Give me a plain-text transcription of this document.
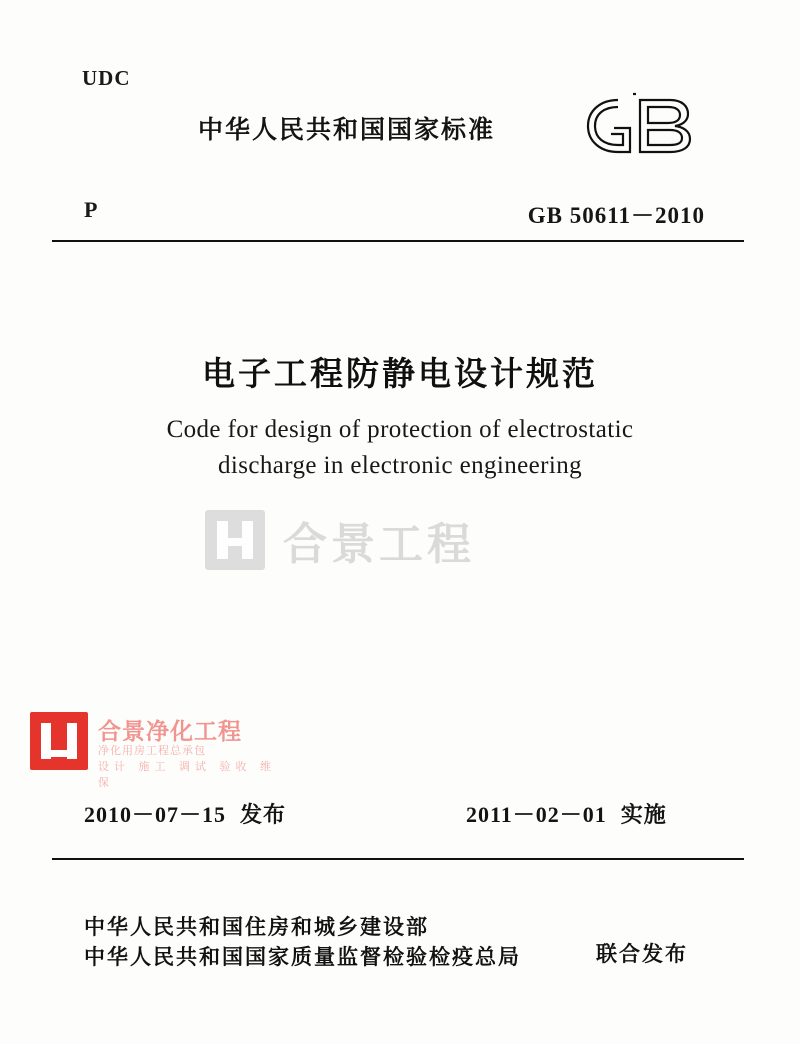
UDC
中华人民共和国国家标准
P	GB 50611－2010
电子工程防静电设计规范
Code for design of protection of electrostatic
discharge in electronic engineering
合景工程
合景净化工程
净化用房工程总承包
设计 施工 调试 验收 维保
2010－07－15 发布	2011－02－01 实施
中华人民共和国住房和城乡建设部
中华人民共和国国家质量监督检验检疫总局	联合发布
